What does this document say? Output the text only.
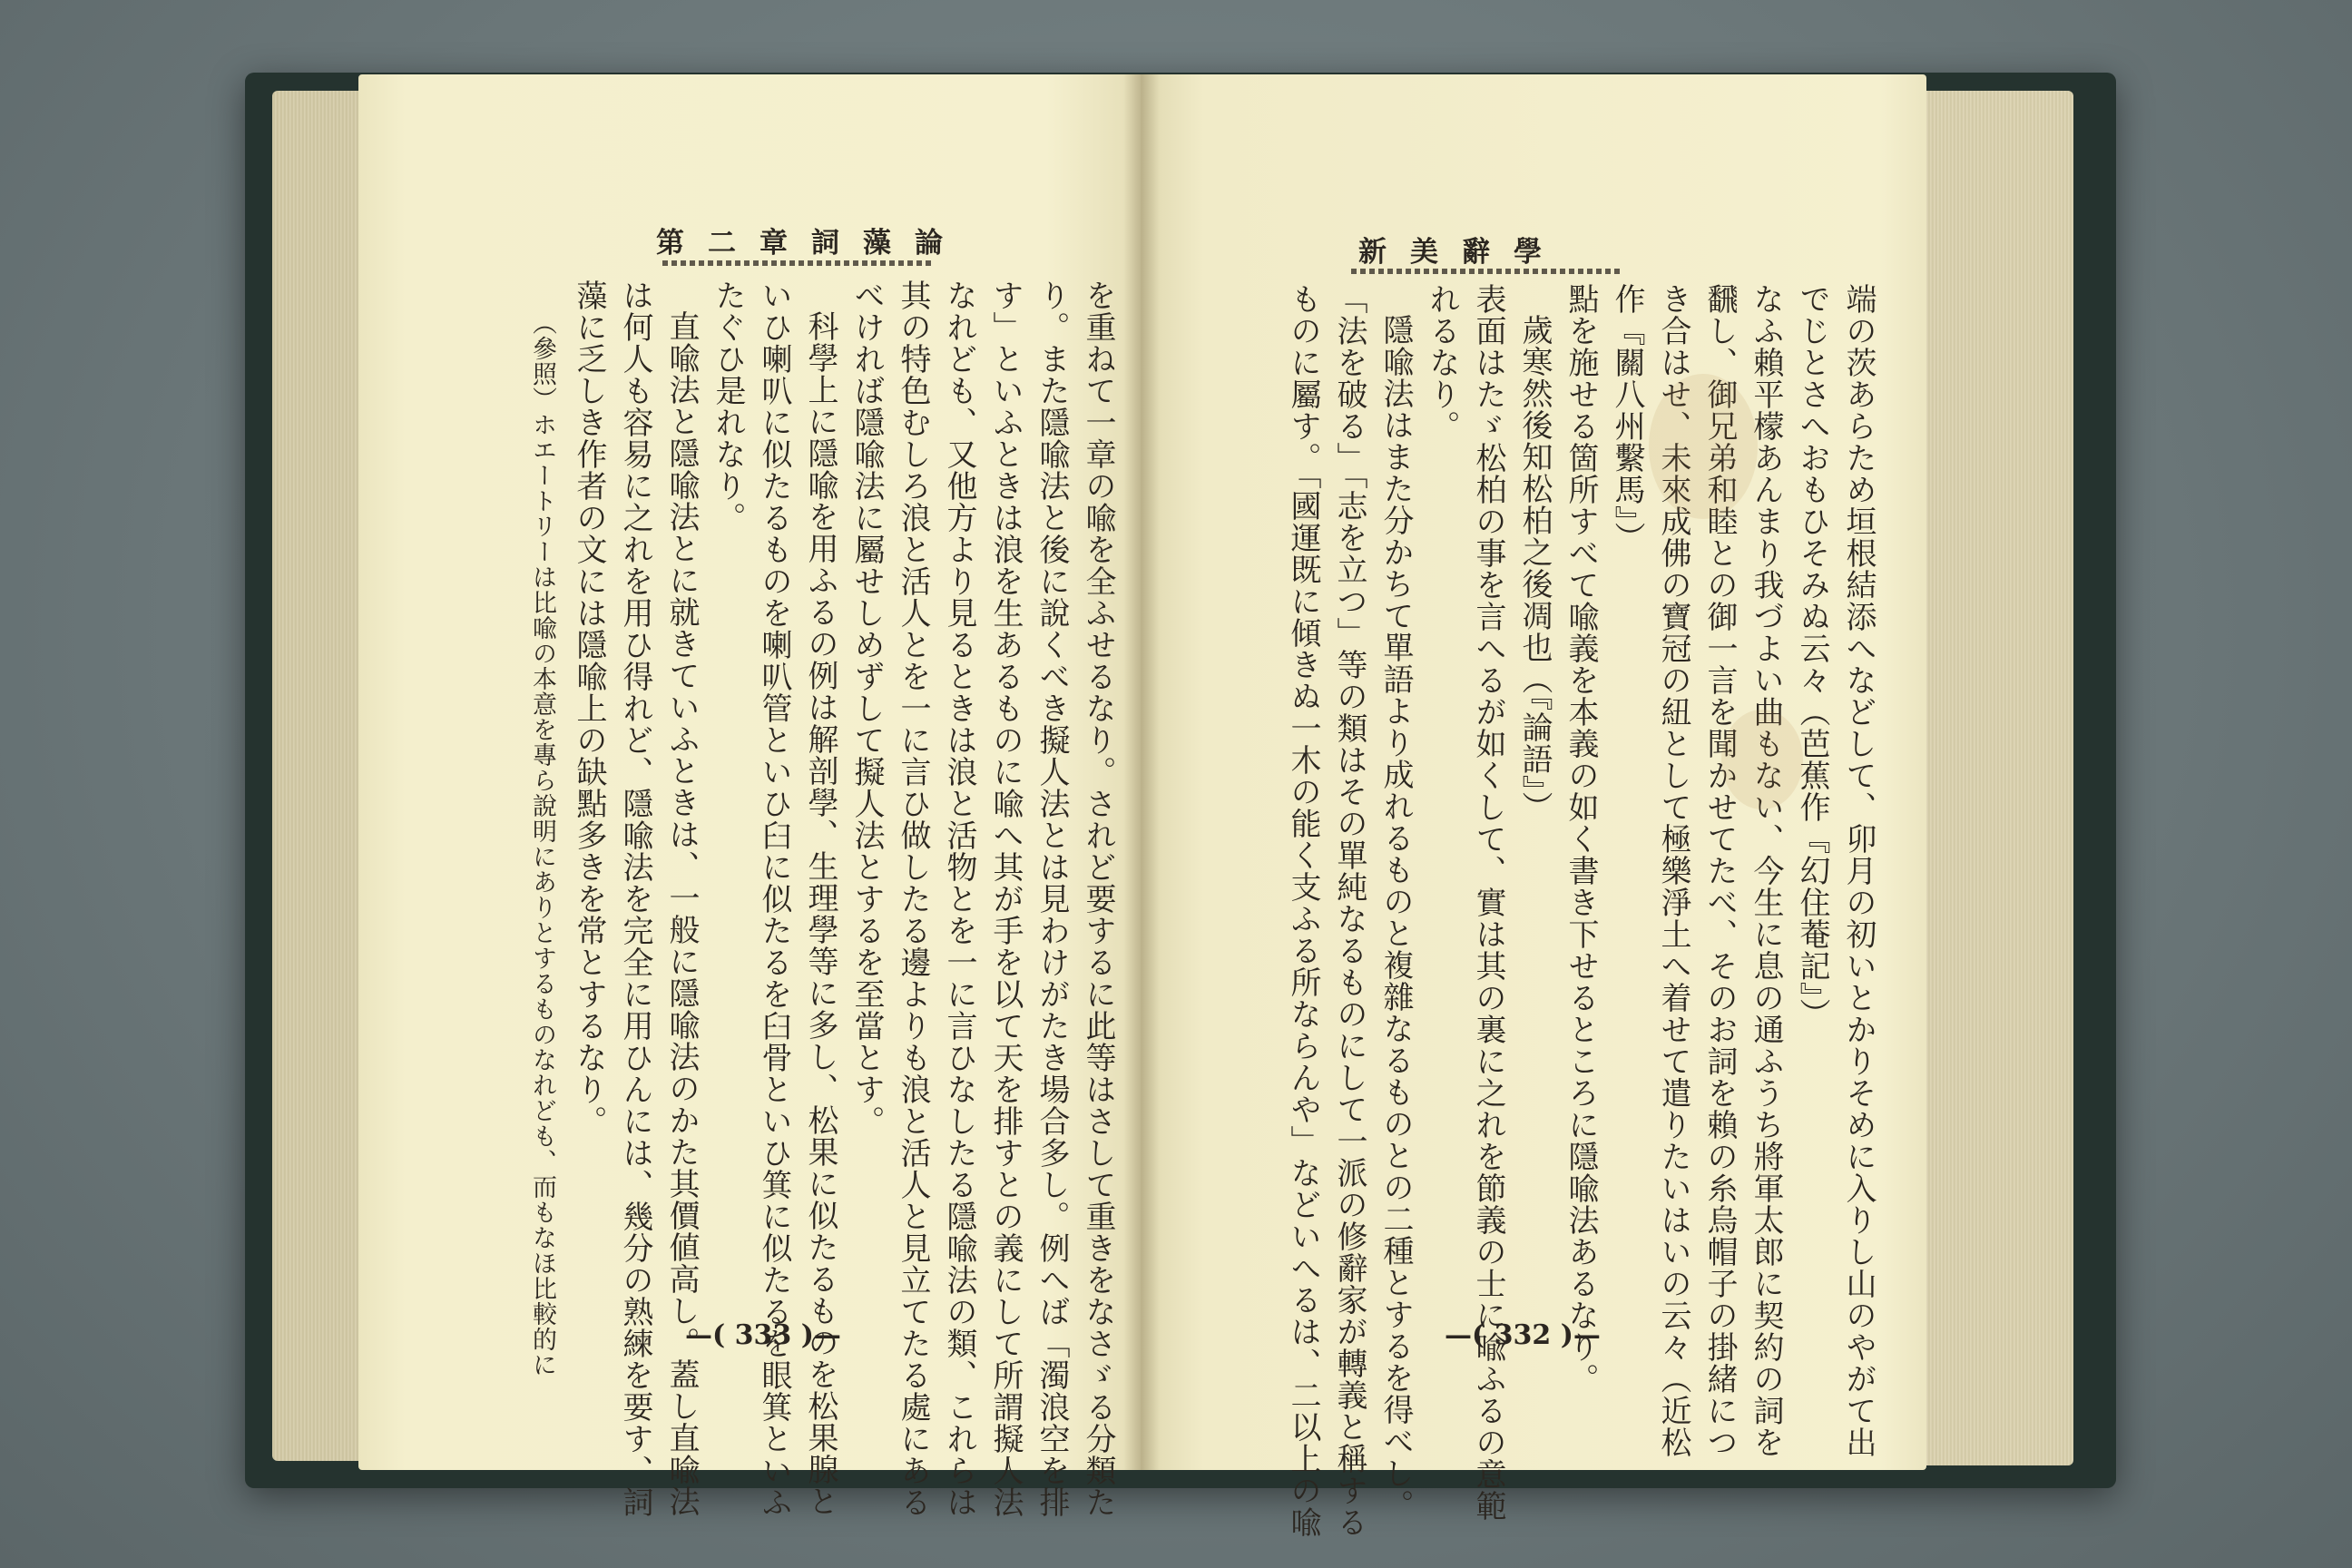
第二章詞藻論
を重ねて一章の喩を全ふせるなり。されど要するに此等はさして重きをなさゞる分類た
り。また隱喩法と後に說くべき擬人法とは見わけがたき場合多し。例へば「濁浪空を排
す」といふときは浪を生あるものに喩へ其が手を以て天を排すとの義にして所謂擬人法
なれども、又他方より見るときは浪と活物とを一に言ひなしたる隱喩法の類、これらは
其の特色むしろ浪と活人とを一に言ひ做したる邊よりも浪と活人と見立てたる處にある
べければ隱喩法に屬せしめずして擬人法とするを至當とす。
科學上に隱喩を用ふるの例は解剖學、生理學等に多し、松果に似たるものを松果腺と
いひ喇叭に似たるものを喇叭管といひ臼に似たるを臼骨といひ箕に似たるを眼箕といふ
たぐひ是れなり。
直喩法と隱喩法とに就きていふときは、一般に隱喩法のかた其價値高し。蓋し直喩法
は何人も容易に之れを用ひ得れど、隱喩法を完全に用ひんには、幾分の熟練を要す、詞
藻に乏しき作者の文には隱喩上の缺點多きを常とするなり。
（參照）ホエートリーは比喩の本意を專ら說明にありとするものなれども、而もなほ比較的に	—( 333 )—
新美辭學
端の茨あらため垣根結添へなどして、卯月の初いとかりそめに入りし山のやがて出
でじとさへおもひそみぬ云々（芭蕉作『幻住菴記』）
なふ賴平檬あんまり我づよい曲もない、今生に息の通ふうち將軍太郎に契約の詞を
飜し、御兄弟和睦との御一言を聞かせてたべ、そのお詞を賴の糸烏帽子の掛緒につ
き合はせ、未來成佛の寶冠の紐として極樂淨土へ着せて遣りたいはいの云々（近松
作『關八州繫馬』）
點を施せる箇所すべて喩義を本義の如く書き下せるところに隱喩法あるなり。
歲寒然後知松柏之後凋也（『論語』）
表面はたゞ松柏の事を言へるが如くして、實は其の裏に之れを節義の士に喩ふるの意範
れるなり。
隱喩法はまた分かちて單語より成れるものと複雜なるものとの二種とするを得べし。
「法を破る」「志を立つ」等の類はその單純なるものにして一派の修辭家が轉義と稱する
ものに屬す。「國運既に傾きぬ一木の能く支ふる所ならんや」などいへるは、二以上の喩	—( 332 )—
